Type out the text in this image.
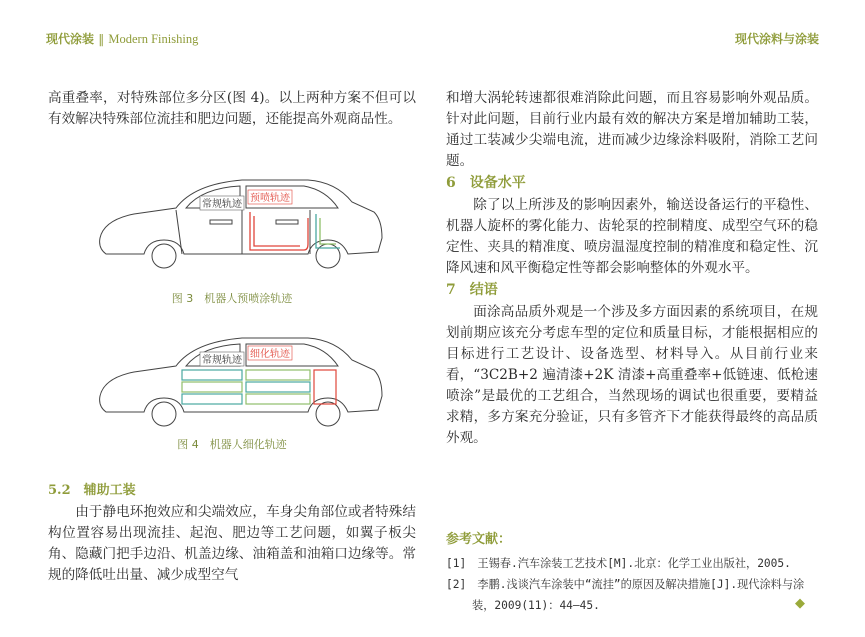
现代涂装 ‖ Modern Finishing	现代涂料与涂装

高重叠率，对特殊部位多分区(图 4)。以上两种方案不但可以有效解决特殊部位流挂和肥边问题，还能提高外观商品性。

常规轨迹
预喷轨迹
图 3　机器人预喷涂轨迹
常规轨迹
细化轨迹
图 4　机器人细化轨迹

5.2　辅助工装

由于静电环抱效应和尖端效应，车身尖角部位或者特殊结构位置容易出现流挂、起泡、肥边等工艺问题，如翼子板尖角、隐藏门把手边沿、机盖边缘、油箱盖和油箱口边缘等。常规的降低吐出量、减少成型空气

和增大涡轮转速都很难消除此问题，而且容易影响外观品质。针对此问题，目前行业内最有效的解决方案是增加辅助工装，通过工装减少尖端电流，进而减少边缘涂料吸附，消除工艺问题。

6　设备水平

除了以上所涉及的影响因素外，输送设备运行的平稳性、机器人旋杯的雾化能力、齿轮泵的控制精度、成型空气环的稳定性、夹具的精准度、喷房温湿度控制的精准度和稳定性、沉降风速和风平衡稳定性等都会影响整体的外观水平。

7　结语

面涂高品质外观是一个涉及多方面因素的系统项目，在规划前期应该充分考虑车型的定位和质量目标，才能根据相应的目标进行工艺设计、设备选型、材料导入。从目前行业来看，“3C2B+2 遍清漆+2K 清漆+高重叠率+低链速、低枪速喷涂”是最优的工艺组合，当然现场的调试也很重要，要精益求精，多方案充分验证，只有多管齐下才能获得最终的高品质外观。

参考文献：

[1]　王锡春.汽车涂装工艺技术[M].北京：化学工业出版社，2005.

[2]　李鹏.浅谈汽车涂装中“流挂”的原因及解决措施[J].现代涂料与涂装，2009(11)：44–45.	◆
